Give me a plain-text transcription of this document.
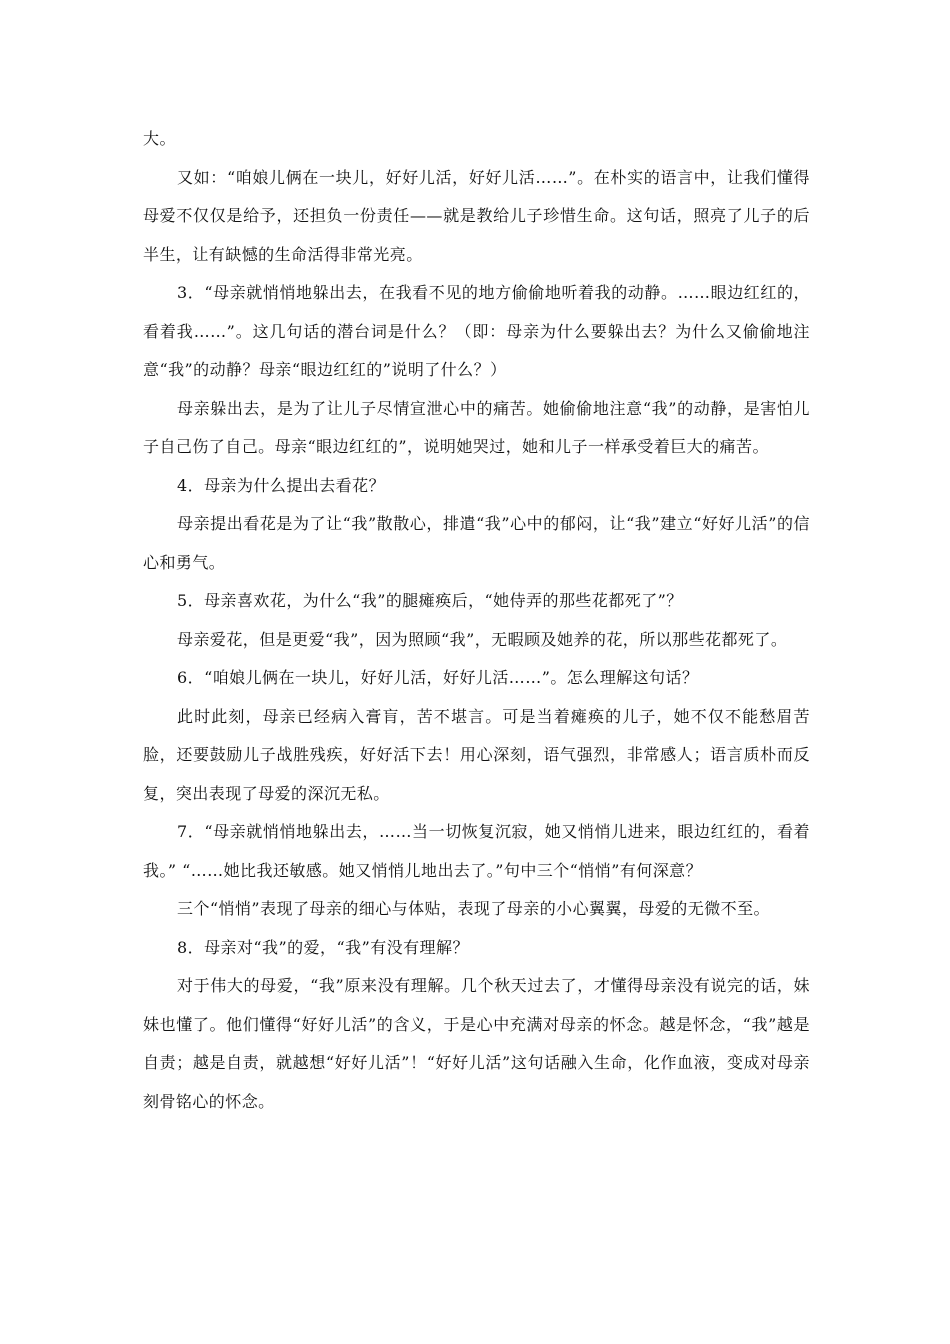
大。

又如：“咱娘儿俩在一块儿，好好儿活，好好儿活……”。在朴实的语言中，让我们懂得母爱不仅仅是给予，还担负一份责任——就是教给儿子珍惜生命。这句话，照亮了儿子的后半生，让有缺憾的生命活得非常光亮。

3．“母亲就悄悄地躲出去，在我看不见的地方偷偷地听着我的动静。……眼边红红的，看着我……”。这几句话的潜台词是什么？（即：母亲为什么要躲出去？为什么又偷偷地注意“我”的动静？母亲“眼边红红的”说明了什么？）

母亲躲出去，是为了让儿子尽情宣泄心中的痛苦。她偷偷地注意“我”的动静，是害怕儿子自己伤了自己。母亲“眼边红红的”，说明她哭过，她和儿子一样承受着巨大的痛苦。

4．母亲为什么提出去看花？

母亲提出看花是为了让“我”散散心，排遣“我”心中的郁闷，让“我”建立“好好儿活”的信心和勇气。

5．母亲喜欢花，为什么“我”的腿瘫痪后，“她侍弄的那些花都死了”？

母亲爱花，但是更爱“我”，因为照顾“我”，无暇顾及她养的花，所以那些花都死了。

6．“咱娘儿俩在一块儿，好好儿活，好好儿活……”。怎么理解这句话？

此时此刻，母亲已经病入膏肓，苦不堪言。可是当着瘫痪的儿子，她不仅不能愁眉苦脸，还要鼓励儿子战胜残疾，好好活下去！用心深刻，语气强烈，非常感人；语言质朴而反复，突出表现了母爱的深沉无私。

7．“母亲就悄悄地躲出去，……当一切恢复沉寂，她又悄悄儿进来，眼边红红的，看着我。” “……她比我还敏感。她又悄悄儿地出去了。”句中三个“悄悄”有何深意？

三个“悄悄”表现了母亲的细心与体贴，表现了母亲的小心翼翼，母爱的无微不至。

8．母亲对“我”的爱，“我”有没有理解？

对于伟大的母爱，“我”原来没有理解。几个秋天过去了，才懂得母亲没有说完的话，妹妹也懂了。他们懂得“好好儿活”的含义，于是心中充满对母亲的怀念。越是怀念，“我”越是自责；越是自责，就越想“好好儿活”！“好好儿活”这句话融入生命，化作血液，变成对母亲刻骨铭心的怀念。
